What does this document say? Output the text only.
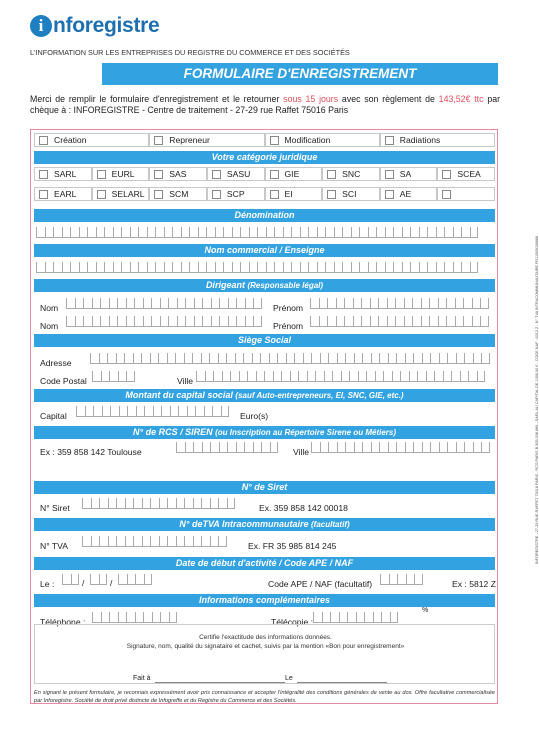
i nforegistre
L'INFORMATION SUR LES ENTREPRISES DU REGISTRE DU COMMERCE ET DES SOCIÉTÉS
FORMULAIRE D'ENREGISTREMENT
Merci de remplir le formulaire d'enregistrement et le retourner sous 15 jours avec son règlement de 143,52€ ttc par chèque à : INFOREGISTRE - Centre de traitement - 27-29 rue Raffet 75016 Paris
Création	Repreneur	Modification	Radiations
Votre catégorie juridique
SARL	EURL	SAS	SASU	GIE	SNC	SA	SCEA
EARL	SELARL	SCM	SCP	EI	SCI	AE
Dénomination
Nom commercial / Enseigne
Dirigeant (Responsable légal)
Nom	Prénom
Nom	Prénom
Siège Social
Adresse
Code Postal	Ville
Montant du capital social (sauf Auto-entrepreneurs, EI, SNC, GIE, etc.)
Capital	Euro(s)
N° de RCS / SIREN (ou Inscription au Répertoire Sirene ou Métiers)
Ex : 359 858 142 Toulouse	Ville
N° de Siret
N° Siret	Ex. 359 858 142 00018
N° deTVA Intracommunautaire (facultatif)
N° TVA	Ex. FR 35 985 814 245
Date de début d'activité / Code APE / NAF
Le :	/	/	Code APE / NAF (facultatif)	Ex : 5812 Z
Informations complémentaires
Téléphone :	Télécopie :
%
Certifie l'exactitude des informations données.
Signature, nom, qualité du signataire et cachet, suivis par la mention «Bon pour enregistrement»
Fait à	Le
En signant le présent formulaire, je reconnais expressément avoir pris connaissance et accepter l'intégralité des conditions générales de vente au dos. Offre facultative commercialisée par Inforegistre. Société de droit privé distincte de Infogreffe et du Registre du Commerce et des Sociétés.
INFOREGISTRE - 27-29 RUE RAFFET 75016 PARIS - RCS PARIS B 505 038 886 - SARL AU CAPITAL DE 1000,00 € - CODE NAF : 6312 Z - N° TVA INTRACOMMUNAUTAIRE FR11505038886
